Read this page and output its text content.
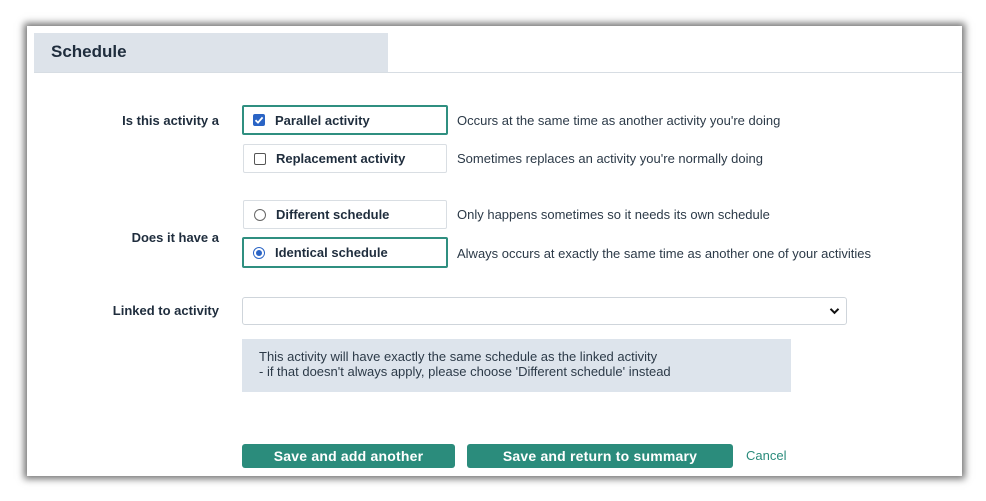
Schedule
Is this activity a	Parallel activity	Occurs at the same time as another activity you're doing
Replacement activity	Sometimes replaces an activity you're normally doing
Does it have a
Different schedule	Only happens sometimes so it needs its own schedule
Identical schedule	Always occurs at exactly the same time as another one of your activities
Linked to activity
This activity will have exactly the same schedule as the linked activity
- if that doesn't always apply, please choose 'Different schedule' instead
Save and add another	Save and return to summary	Cancel
